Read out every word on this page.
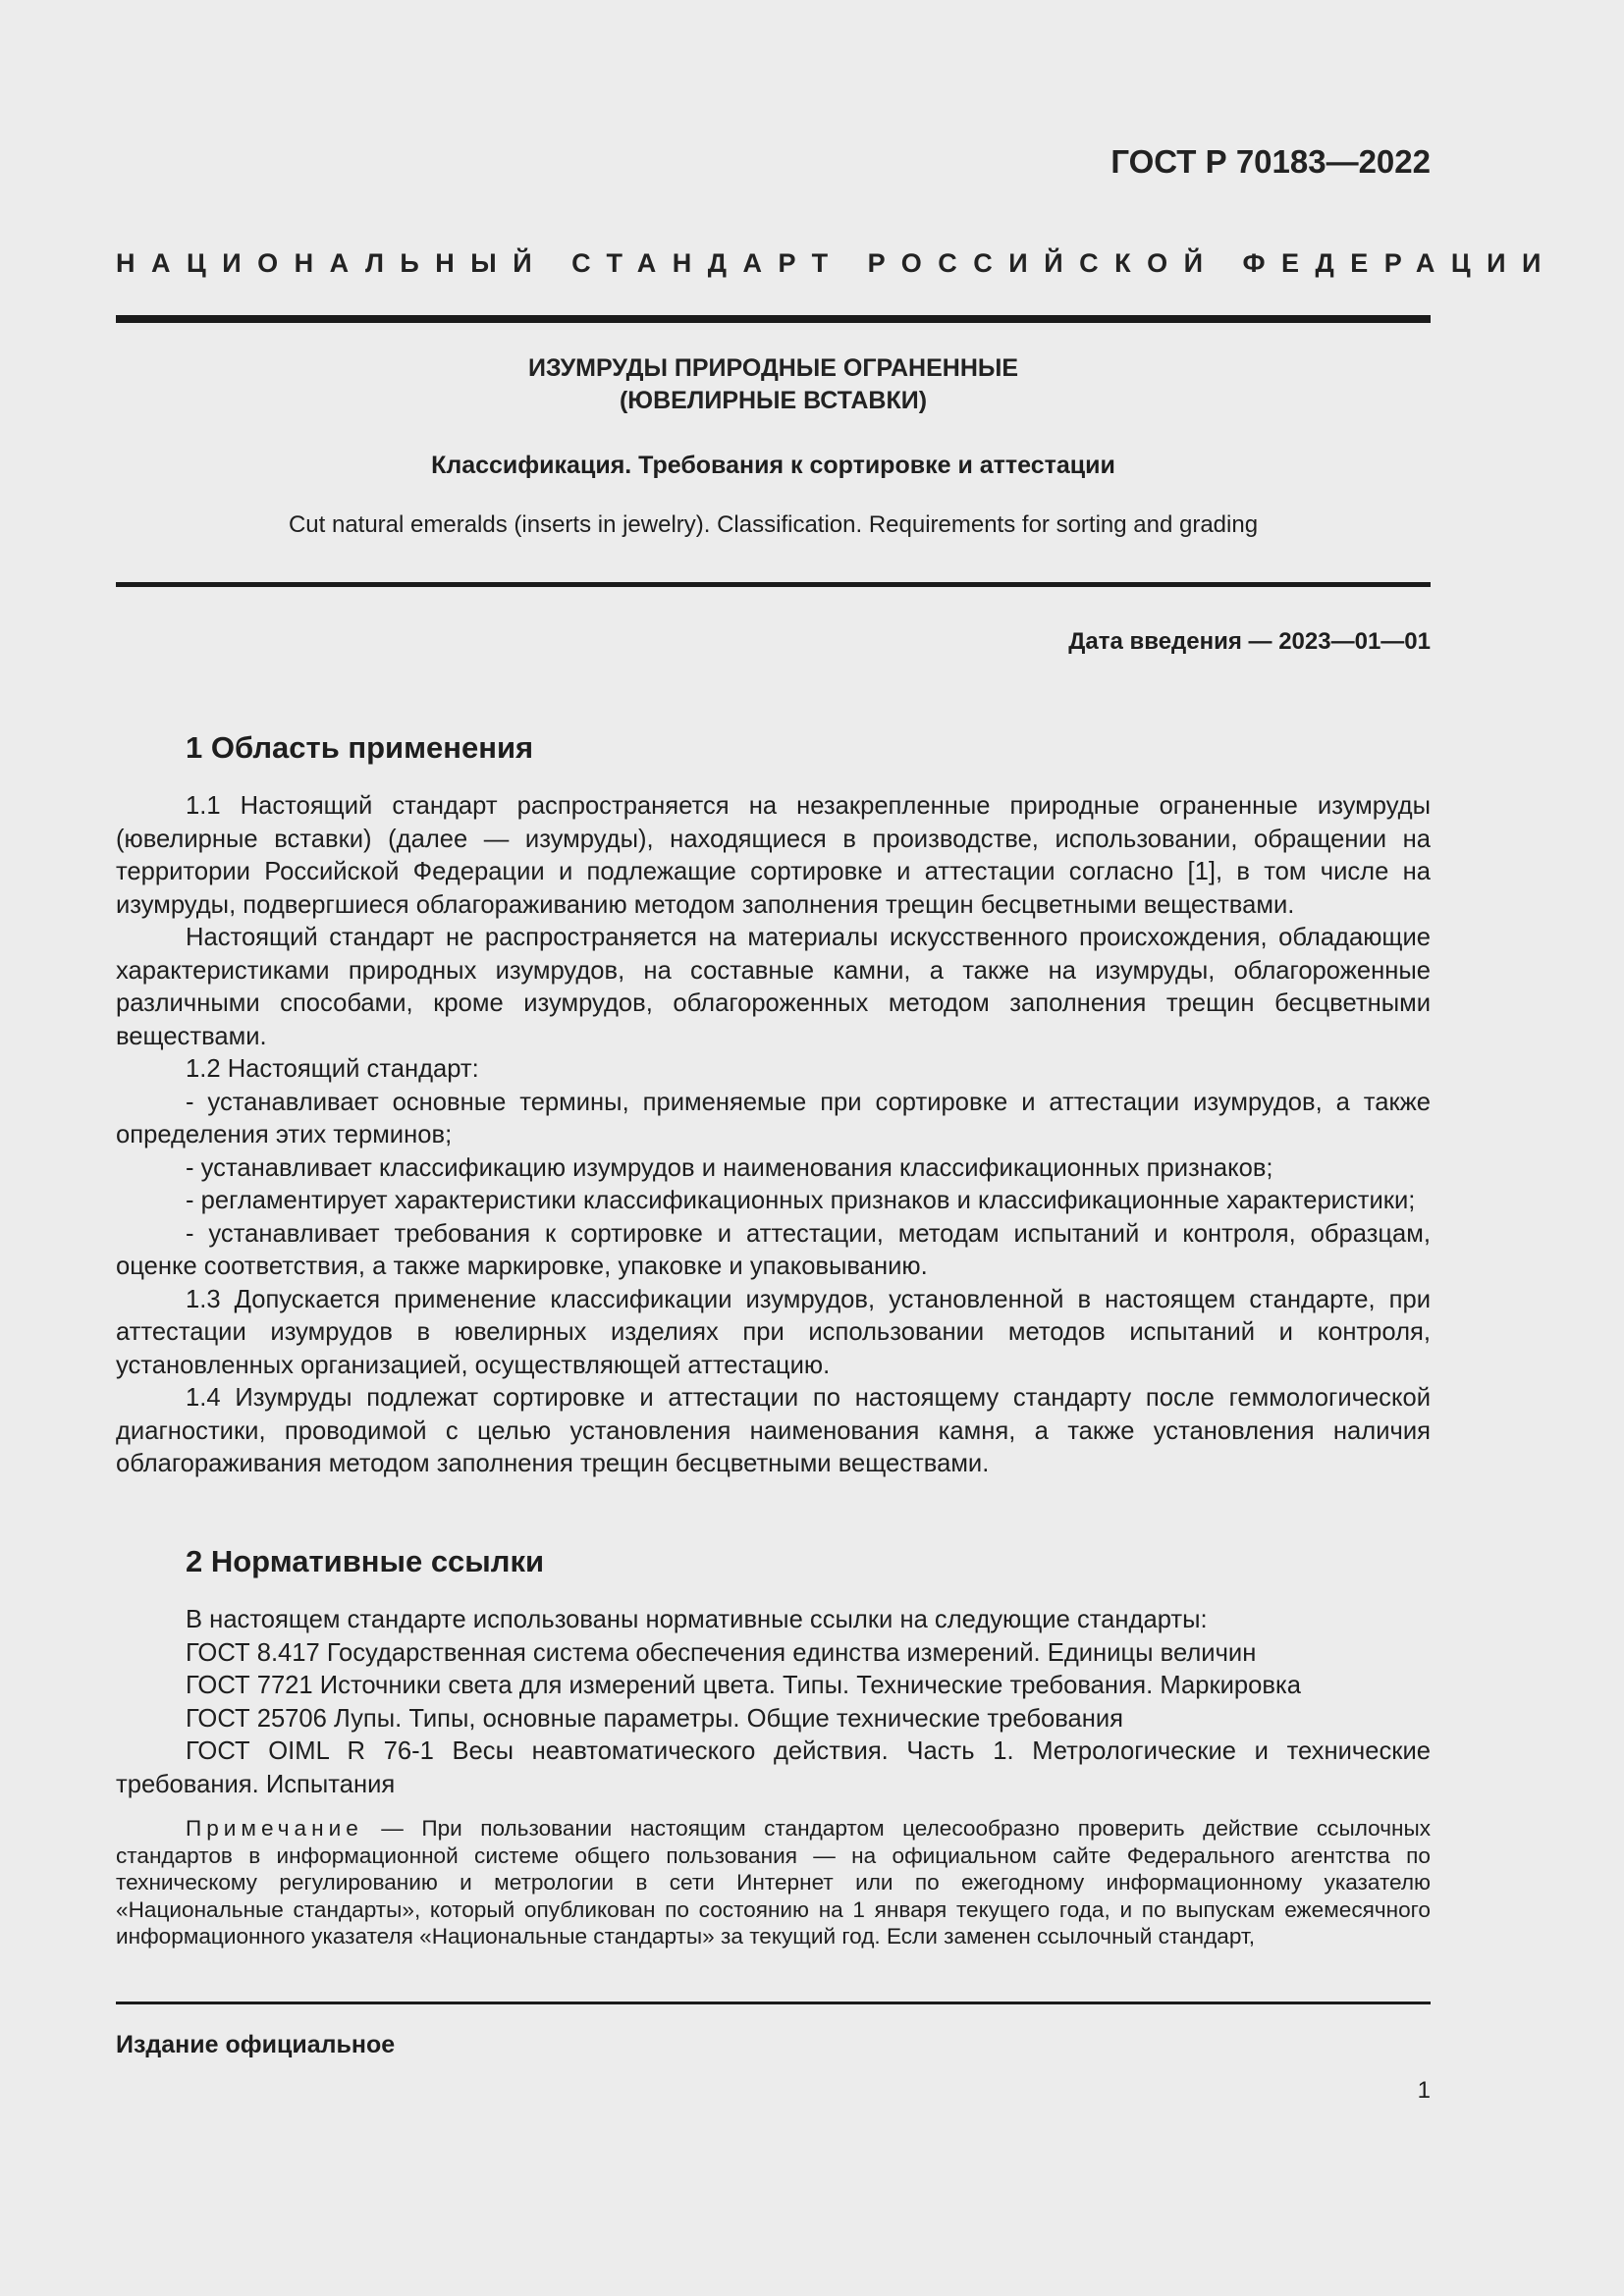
ГОСТ Р 70183—2022
НАЦИОНАЛЬНЫЙ СТАНДАРТ РОССИЙСКОЙ ФЕДЕРАЦИИ
ИЗУМРУДЫ ПРИРОДНЫЕ ОГРАНЕННЫЕ
(ЮВЕЛИРНЫЕ ВСТАВКИ)
Классификация. Требования к сортировке и аттестации
Cut natural emeralds (inserts in jewelry). Classification. Requirements for sorting and grading
Дата введения — 2023—01—01
1 Область применения

1.1 Настоящий стандарт распространяется на незакрепленные природные ограненные изумруды (ювелирные вставки) (далее — изумруды), находящиеся в производстве, использовании, обращении на территории Российской Федерации и подлежащие сортировке и аттестации согласно [1], в том числе на изумруды, подвергшиеся облагораживанию методом заполнения трещин бесцветными веществами.

Настоящий стандарт не распространяется на материалы искусственного происхождения, обладающие характеристиками природных изумрудов, на составные камни, а также на изумруды, облагороженные различными способами, кроме изумрудов, облагороженных методом заполнения трещин бесцветными веществами.

1.2 Настоящий стандарт:

- устанавливает основные термины, применяемые при сортировке и аттестации изумрудов, а также определения этих терминов;

- устанавливает классификацию изумрудов и наименования классификационных признаков;

- регламентирует характеристики классификационных признаков и классификационные характеристики;

- устанавливает требования к сортировке и аттестации, методам испытаний и контроля, образцам, оценке соответствия, а также маркировке, упаковке и упаковыванию.

1.3 Допускается применение классификации изумрудов, установленной в настоящем стандарте, при аттестации изумрудов в ювелирных изделиях при использовании методов испытаний и контроля, установленных организацией, осуществляющей аттестацию.

1.4 Изумруды подлежат сортировке и аттестации по настоящему стандарту после геммологической диагностики, проводимой с целью установления наименования камня, а также установления наличия облагораживания методом заполнения трещин бесцветными веществами.

2 Нормативные ссылки

В настоящем стандарте использованы нормативные ссылки на следующие стандарты:

ГОСТ 8.417 Государственная система обеспечения единства измерений. Единицы величин

ГОСТ 7721 Источники света для измерений цвета. Типы. Технические требования. Маркировка

ГОСТ 25706 Лупы. Типы, основные параметры. Общие технические требования

ГОСТ OIML R 76-1 Весы неавтоматического действия. Часть 1. Метрологические и технические требования. Испытания

Примечание — При пользовании настоящим стандартом целесообразно проверить действие ссылочных стандартов в информационной системе общего пользования — на официальном сайте Федерального агентства по техническому регулированию и метрологии в сети Интернет или по ежегодному информационному указателю «Национальные стандарты», который опубликован по состоянию на 1 января текущего года, и по выпускам ежемесячного информационного указателя «Национальные стандарты» за текущий год. Если заменен ссылочный стандарт,
Издание официальное
1
